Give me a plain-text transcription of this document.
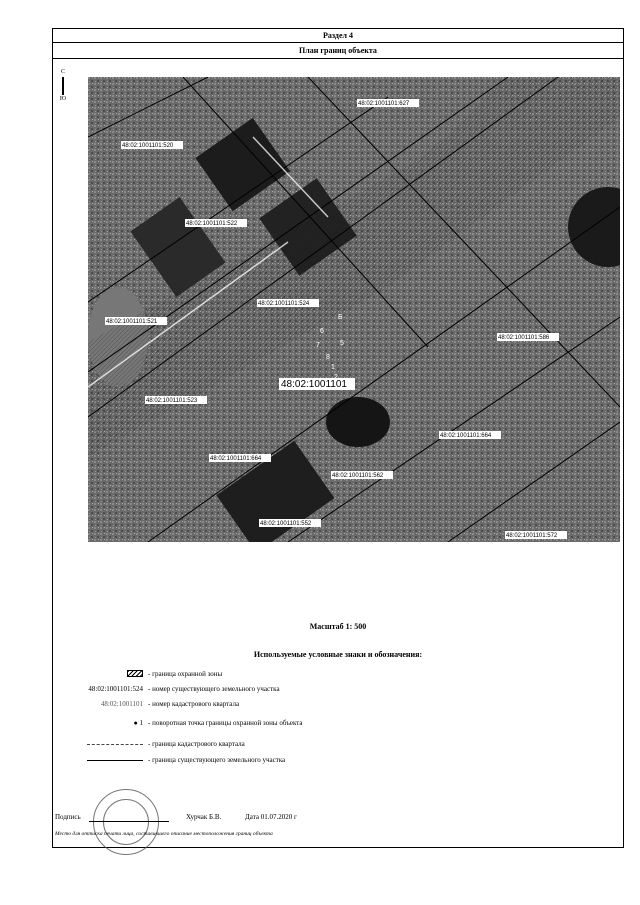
Раздел 4
План границ объекта
С
Ю
48:02:1001101:627
48:02:1001101:520
48:02:1001101:522
48:02:1001101:524
48:02:1001101:521
48:02:1001101:586
48:02:1001101:523
48:02:1001101:664
48:02:1001101:664
48:02:1001101:562
48:02:1001101:552
48:02:1001101:572
48:02:1001101
Б
6
5
7
8
1
2
Масштаб 1: 500
Используемые условные знаки и обозначения:
- граница охранной зоны
48:02:1001101:524 - номер существующего земельного участка
48:02:1001101 - номер кадастрового квартала
● 1 - поворотная точка границы охранной зоны объекта
- граница кадастрового квартала
- граница существующего земельного участка
Подпись	Хурчак Б.В.	Дата 01.07.2020 г
Место для оттиска печати лица, составившего описание местоположения границ объекта
